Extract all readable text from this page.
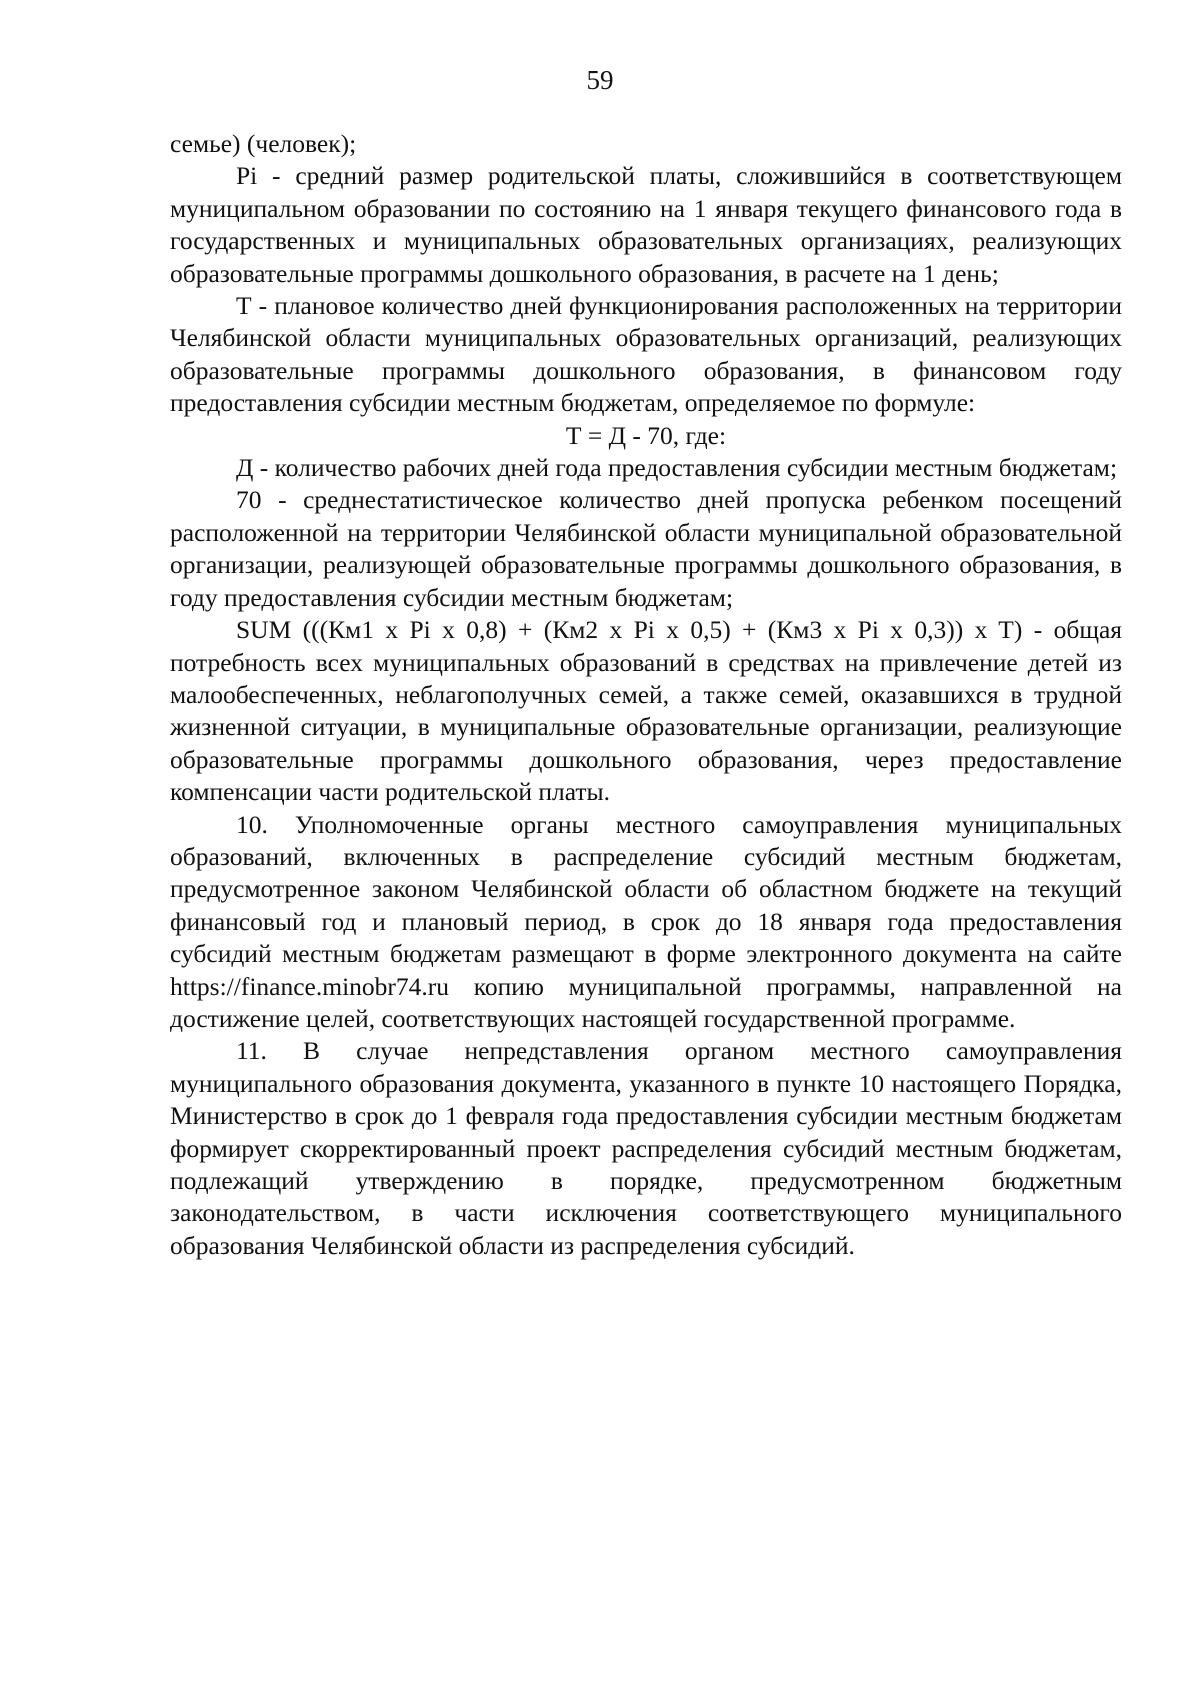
59

семье) (человек);

Pi - средний размер родительской платы, сложившийся в соответствующем муниципальном образовании по состоянию на 1 января текущего финансового года в государственных и муниципальных образовательных организациях, реализующих образовательные программы дошкольного образования, в расчете на 1 день;

Т - плановое количество дней функционирования расположенных на территории Челябинской области муниципальных образовательных организаций, реализующих образовательные программы дошкольного образования, в финансовом году предоставления субсидии местным бюджетам, определяемое по формуле:

Т = Д - 70, где:

Д - количество рабочих дней года предоставления субсидии местным бюджетам;

70 - среднестатистическое количество дней пропуска ребенком посещений расположенной на территории Челябинской области муниципальной образовательной организации, реализующей образовательные программы дошкольного образования, в году предоставления субсидии местным бюджетам;

SUM (((Км1 x Pi x 0,8) + (Км2 x Pi x 0,5) + (Км3 x Pi x 0,3)) x T) - общая потребность всех муниципальных образований в средствах на привлечение детей из малообеспеченных, неблагополучных семей, а также семей, оказавшихся в трудной жизненной ситуации, в муниципальные образовательные организации, реализующие образовательные программы дошкольного образования, через предоставление компенсации части родительской платы.

10. Уполномоченные органы местного самоуправления муниципальных образований, включенных в распределение субсидий местным бюджетам, предусмотренное законом Челябинской области об областном бюджете на текущий финансовый год и плановый период, в срок до 18 января года предоставления субсидий местным бюджетам размещают в форме электронного документа на сайте https://finance.minobr74.ru копию муниципальной программы, направленной на достижение целей, соответствующих настоящей государственной программе.

11. В случае непредставления органом местного самоуправления муниципального образования документа, указанного в пункте 10 настоящего Порядка, Министерство в срок до 1 февраля года предоставления субсидии местным бюджетам формирует скорректированный проект распределения субсидий местным бюджетам, подлежащий утверждению в порядке, предусмотренном бюджетным законодательством, в части исключения соответствующего муниципального образования Челябинской области из распределения субсидий.
